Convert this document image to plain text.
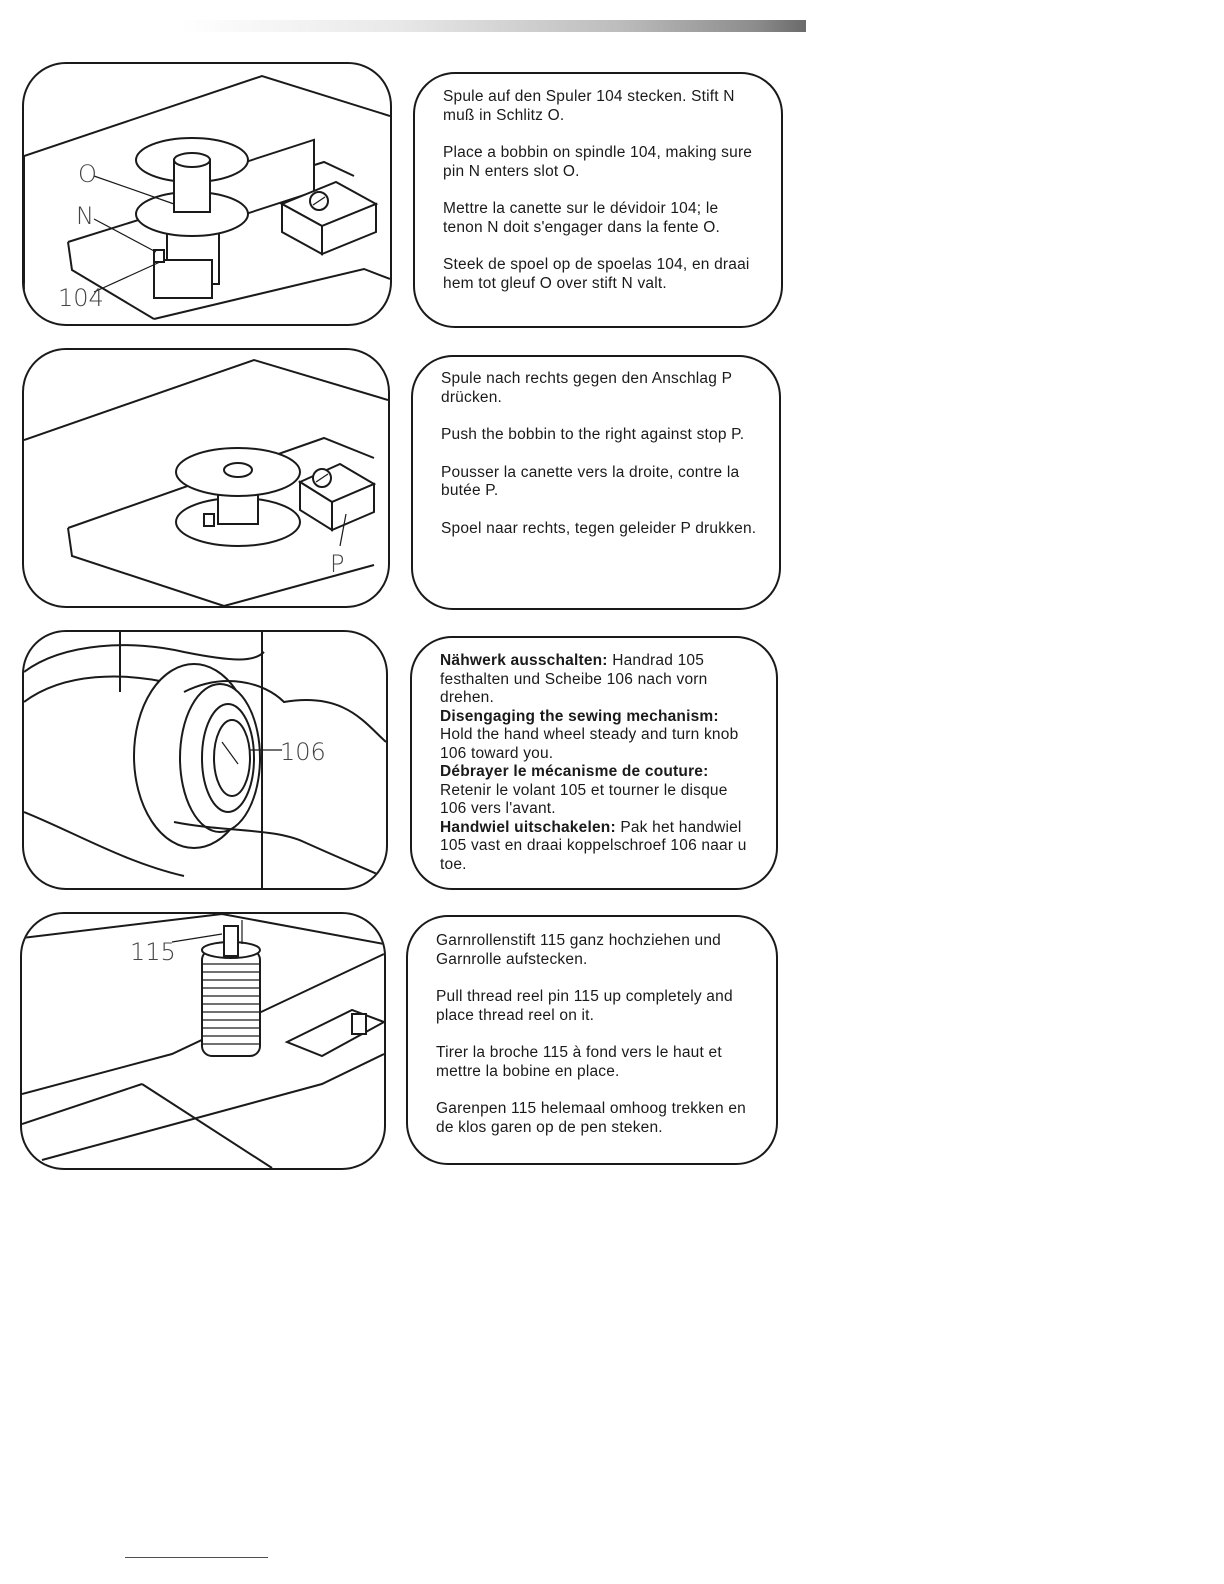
O
N
104

Spule auf den Spuler 104 stecken. Stift N muß in Schlitz O.

Place a bobbin on spindle 104, making sure pin N enters slot O.

Mettre la canette sur le dévidoir 104; le tenon N doit s'engager dans la fente O.

Steek de spoel op de spoelas 104, en draai hem tot gleuf O over stift N valt.

P

Spule nach rechts gegen den Anschlag P drücken.

Push the bobbin to the right against stop P.

Pousser la canette vers la droite, contre la butée P.

Spoel naar rechts, tegen geleider P drukken.

106

Nähwerk ausschalten: Handrad 105 festhalten und Scheibe 106 nach vorn drehen.

Disengaging the sewing mechanism: Hold the hand wheel steady and turn knob 106 toward you.

Débrayer le mécanisme de couture: Retenir le volant 105 et tourner le disque 106 vers l'avant.

Handwiel uitschakelen: Pak het handwiel 105 vast en draai koppelschroef 106 naar u toe.

115	Garnrollenstift 115 ganz hochziehen und Garnrolle aufstecken.

Pull thread reel pin 115 up completely and place thread reel on it.

Tirer la broche 115 à fond vers le haut et mettre la bobine en place.

Garenpen 115 helemaal omhoog trekken en de klos garen op de pen steken.
